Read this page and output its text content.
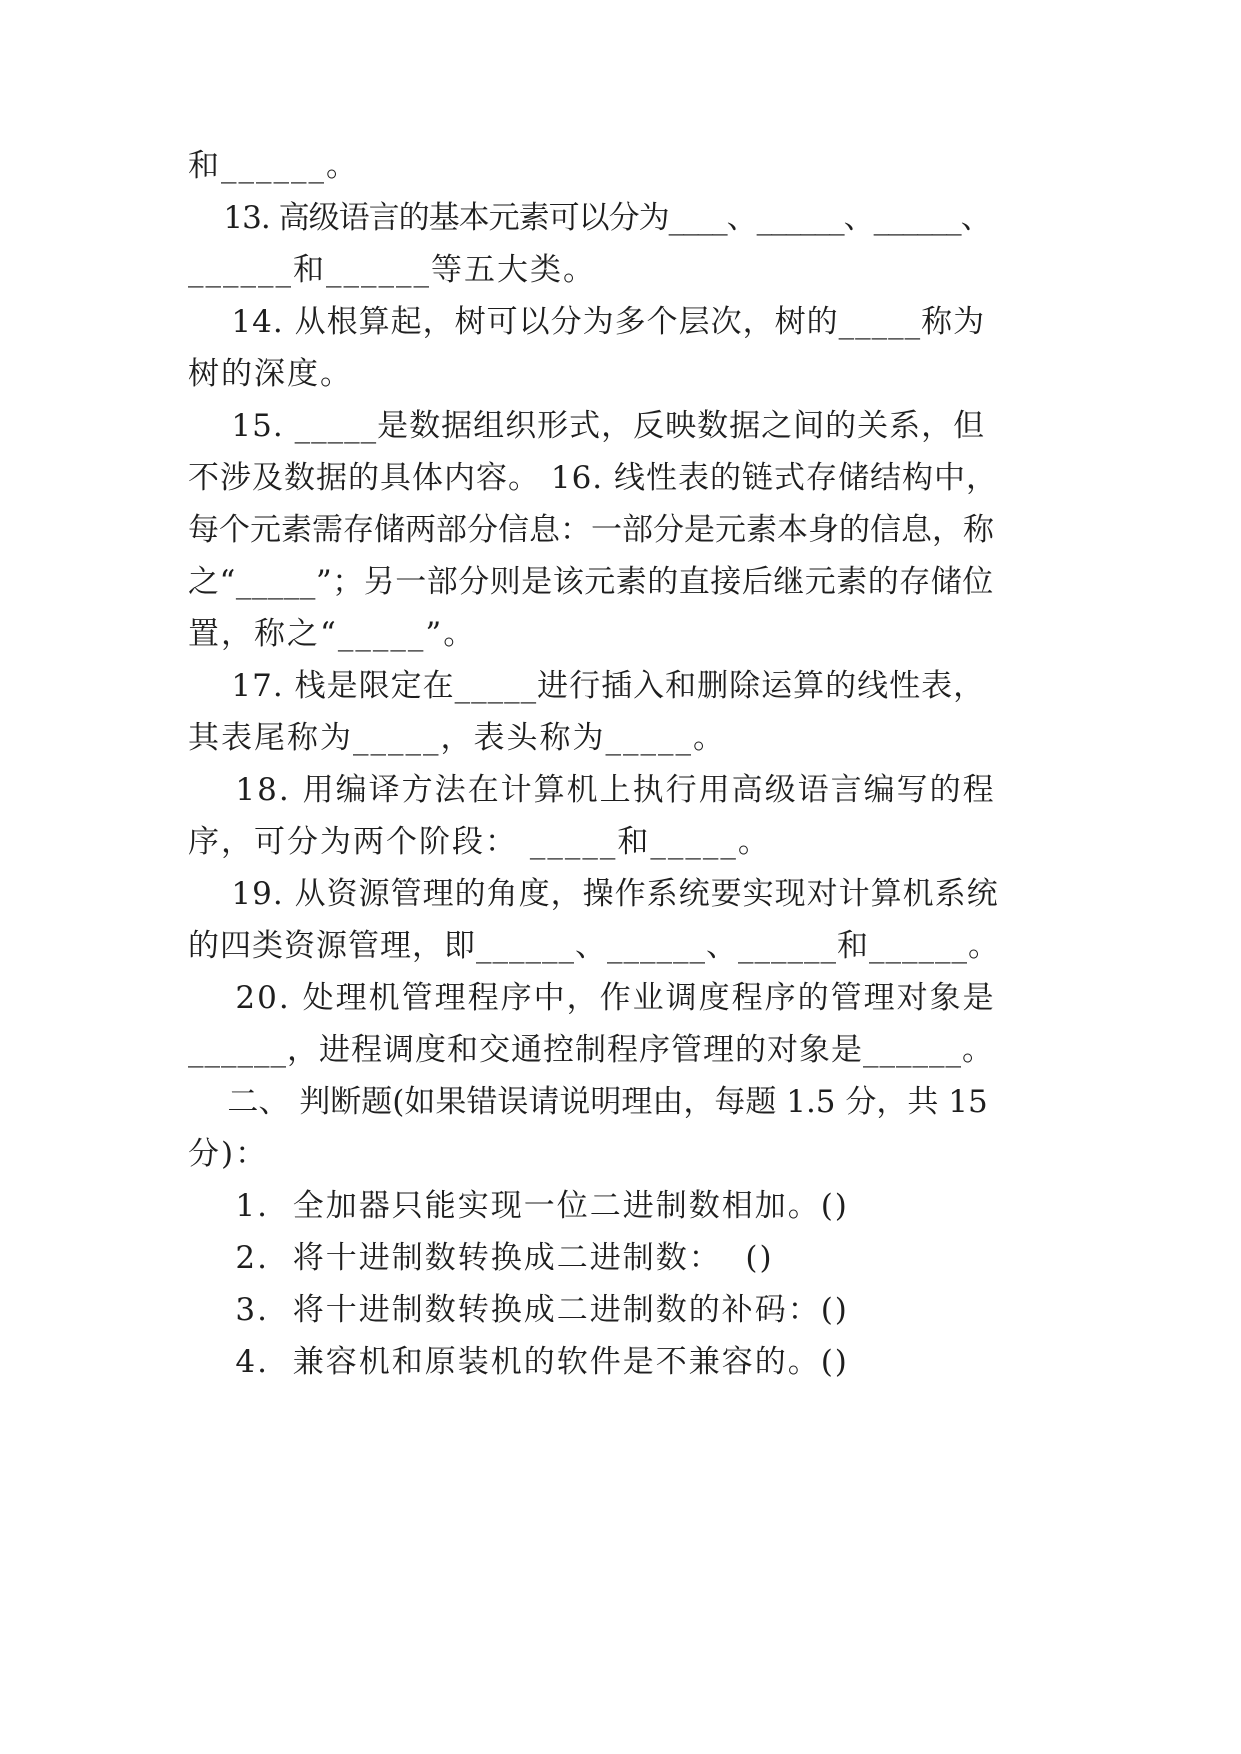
和______。
13. 高级语言的基本元素可以分为____、______、______、
______和______等五大类。
14. 从根算起，树可以分为多个层次，树的_____称为
树的深度。
15. _____是数据组织形式，反映数据之间的关系，但
不涉及数据的具体内容。 16. 线性表的链式存储结构中，
每个元素需存储两部分信息：一部分是元素本身的信息，称
之“_____”；另一部分则是该元素的直接后继元素的存储位
置，称之“_____”。
17. 栈是限定在_____进行插入和删除运算的线性表，
其表尾称为_____，表头称为_____。
18. 用编译方法在计算机上执行用高级语言编写的程
序，可分为两个阶段： _____和_____。
19. 从资源管理的角度，操作系统要实现对计算机系统
的四类资源管理，即______、______、______和______。
20. 处理机管理程序中，作业调度程序的管理对象是
______，进程调度和交通控制程序管理的对象是______。
二、 判断题(如果错误请说明理由，每题 1.5 分，共 15
分)：
1.  全加器只能实现一位二进制数相加。()
2.  将十进制数转换成二进制数：  ()
3.  将十进制数转换成二进制数的补码：()
4.  兼容机和原装机的软件是不兼容的。()
